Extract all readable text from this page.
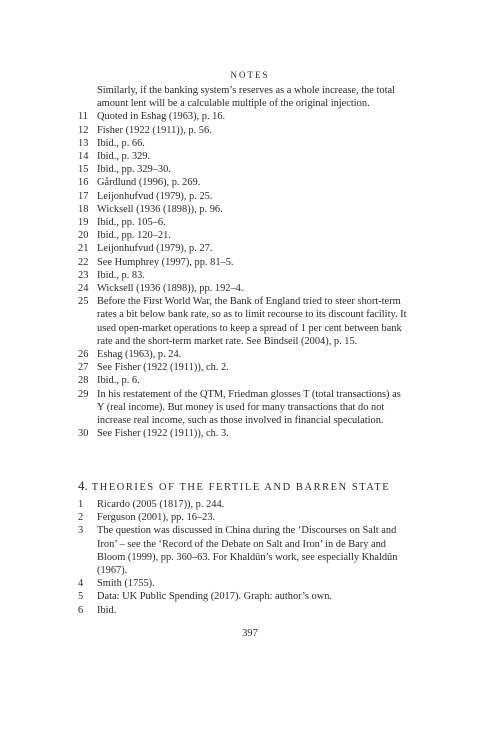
NOTES
Similarly, if the banking system’s reserves as a whole increase, the total amount lent will be a calculable multiple of the original injection.
11 Quoted in Eshag (1963), p. 16.
12 Fisher (1922 (1911)), p. 56.
13 Ibid., p. 66.
14 Ibid., p. 329.
15 Ibid., pp. 329–30.
16 Gårdlund (1996), p. 269.
17 Leijonhufvud (1979), p. 25.
18 Wicksell (1936 (1898)), p. 96.
19 Ibid., pp. 105–6.
20 Ibid., pp. 120–21.
21 Leijonhufvud (1979), p. 27.
22 See Humphrey (1997), pp. 81–5.
23 Ibid., p. 83.
24 Wicksell (1936 (1898)), pp. 192–4.
25 Before the First World War, the Bank of England tried to steer short-term rates a bit below bank rate, so as to limit recourse to its discount facility. It used open-market operations to keep a spread of 1 per cent between bank rate and the short-term market rate. See Bindseil (2004), p. 15.
26 Eshag (1963), p. 24.
27 See Fisher (1922 (1911)), ch. 2.
28 Ibid., p. 6.
29 In his restatement of the QTM, Friedman glosses T (total transactions) as Y (real income). But money is used for many transactions that do not increase real income, such as those involved in financial speculation.
30 See Fisher (1922 (1911)), ch. 3.
4. THEORIES OF THE FERTILE AND BARREN STATE
1	Ricardo (2005 (1817)), p. 244.
2	Ferguson (2001), pp. 16–23.
3	The question was discussed in China during the ‘Discourses on Salt and Iron’ – see the ‘Record of the Debate on Salt and Iron’ in de Bary and Bloom (1999), pp. 360–63. For Khaldûn’s work, see especially Khaldûn (1967).
4	Smith (1755).
5	Data: UK Public Spending (2017). Graph: author’s own.
6	Ibid.
397
